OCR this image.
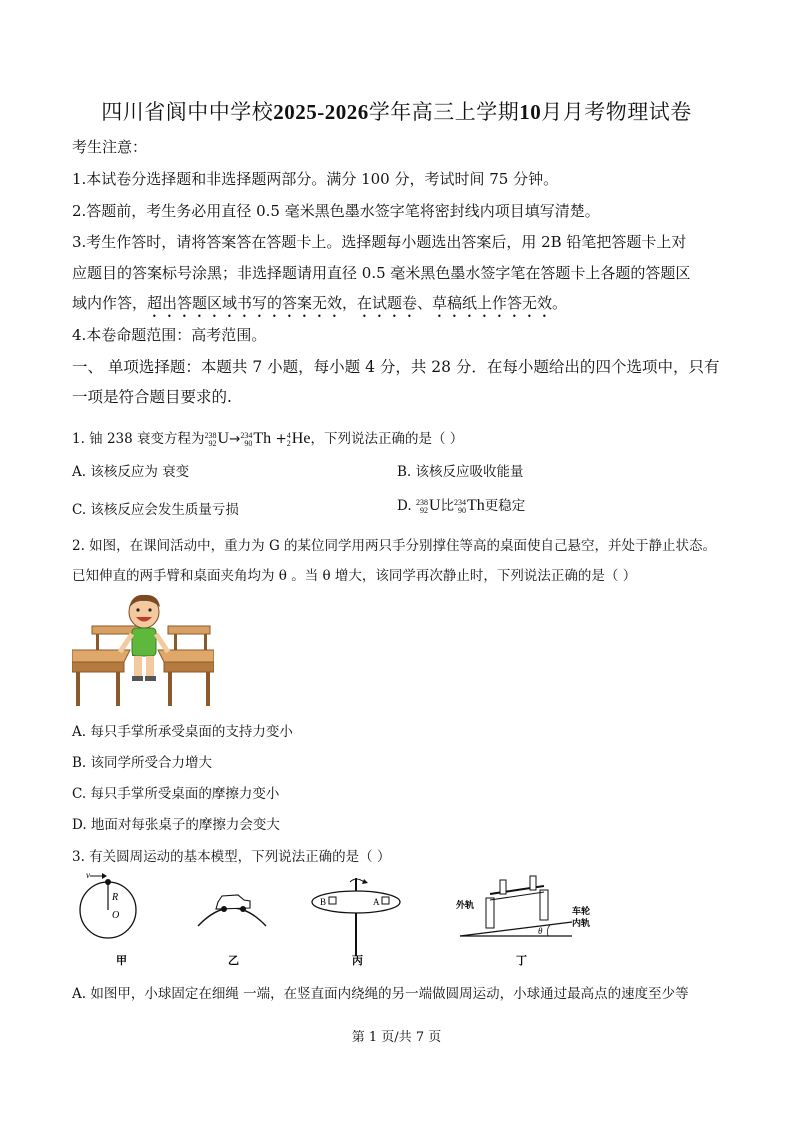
四川省阆中中学校2025-2026学年高三上学期10月月考物理试卷
考生注意：
1.本试卷分选择题和非选择题两部分。满分 100 分，考试时间 75 分钟。
2.答题前，考生务必用直径 0.5 毫米黑色墨水签字笔将密封线内项目填写清楚。
3.考生作答时，请将答案答在答题卡上。选择题每小题选出答案后，用 2B 铅笔把答题卡上对
应题目的答案标号涂黑；非选择题请用直径 0.5 毫米黑色墨水签字笔在答题卡上各题的答题区
域内作答，超出答题区域书写的答案无效，在试题卷、草稿纸上作答无效。
4.本卷命题范围：高考范围。
一、 单项选择题：本题共 7 小题，每小题 4 分，共 28 分．在每小题给出的四个选项中，只有
一项是符合题目要求的.
1. 铀 238 衰变方程为 238
92 U→ 234
90 Th + 4
2 He，下列说法正确的是（ ）
A. 该核反应为 衰变	B. 该核反应吸收能量
C. 该核反应会发生质量亏损	D. 238
92 U比 234
90 Th更稳定
2. 如图，在课间活动中，重力为 G 的某位同学用两只手分别撑住等高的桌面使自己悬空，并处于静止状态。
已知伸直的两手臂和桌面夹角均为 θ 。当 θ 增大，该同学再次静止时，下列说法正确的是（ ）
A. 每只手掌所承受桌面的支持力变小
B. 该同学所受合力增大
C. 每只手掌所受桌面的摩擦力变小
D. 地面对每张桌子的摩擦力会变大
3. 有关圆周运动的基本模型，下列说法正确的是（ ）
v
R
O
甲	乙
B	A
丙
θ
外轨
车轮
内轨
丁
A. 如图甲，小球固定在细绳 一端，在竖直面内绕绳的另一端做圆周运动，小球通过最高点的速度至少等
第 1 页/共 7 页
